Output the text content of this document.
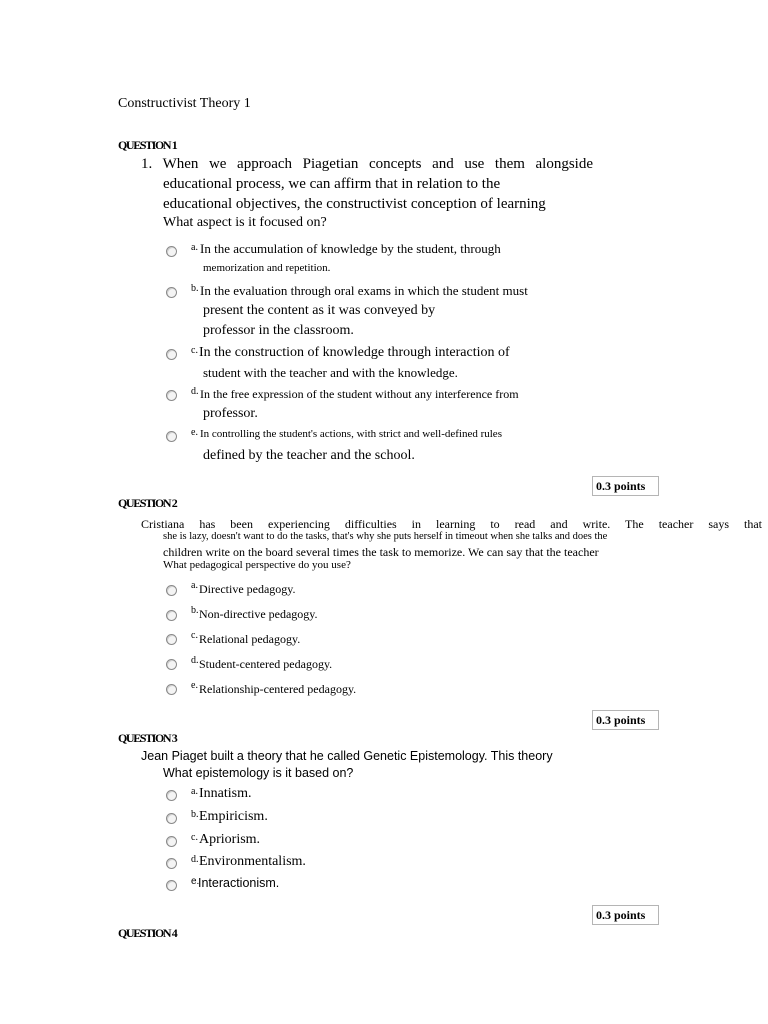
Constructivist Theory 1
QUESTION 1
1. When we approach Piagetian concepts and use them alongside
educational process, we can affirm that in relation to the
educational objectives, the constructivist conception of learning
What aspect is it focused on?
a. In the accumulation of knowledge by the student, through
memorization and repetition.
b. In the evaluation through oral exams in which the student must
present the content as it was conveyed by
professor in the classroom.
c. In the construction of knowledge through interaction of
student with the teacher and with the knowledge.
d. In the free expression of the student without any interference from
professor.
e. In controlling the student's actions, with strict and well-defined rules
defined by the teacher and the school.
0.3 points
QUESTION 2
Cristiana has been experiencing difficulties in learning to read and write. The teacher says that
she is lazy, doesn't want to do the tasks, that's why she puts herself in timeout when she talks and does the
children write on the board several times the task to memorize. We can say that the teacher
What pedagogical perspective do you use?
a. Directive pedagogy.
b. Non-directive pedagogy.
c. Relational pedagogy.
d. Student-centered pedagogy.
e. Relationship-centered pedagogy.
0.3 points
QUESTION 3
Jean Piaget built a theory that he called Genetic Epistemology. This theory
What epistemology is it based on?
a. Innatism.
b. Empiricism.
c. Apriorism.
d. Environmentalism.
e.
Interactionism.
0.3 points
QUESTION 4
